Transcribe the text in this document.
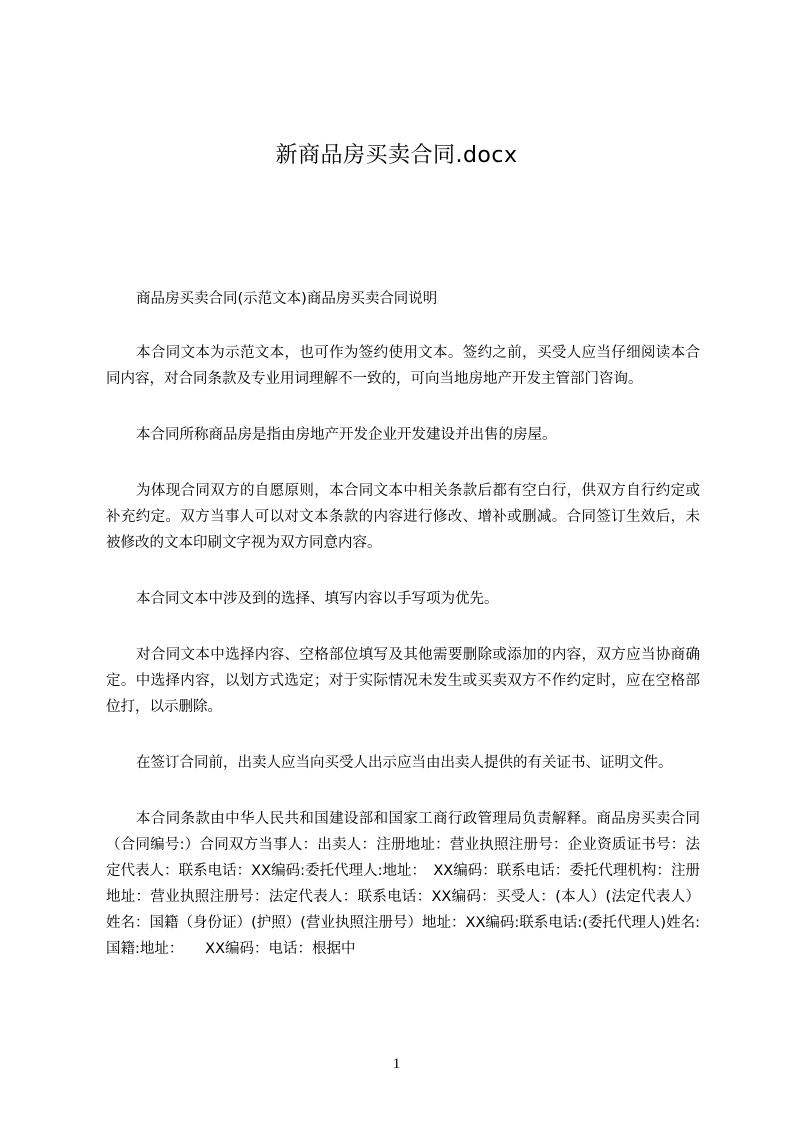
新商品房买卖合同.docx

商品房买卖合同(示范文本)商品房买卖合同说明

本合同文本为示范文本，也可作为签约使用文本。签约之前，买受人应当仔细阅读本合同内容，对合同条款及专业用词理解不一致的，可向当地房地产开发主管部门咨询。

本合同所称商品房是指由房地产开发企业开发建设并出售的房屋。

为体现合同双方的自愿原则，本合同文本中相关条款后都有空白行，供双方自行约定或补充约定。双方当事人可以对文本条款的内容进行修改、增补或删减。合同签订生效后，未被修改的文本印刷文字视为双方同意内容。

本合同文本中涉及到的选择、填写内容以手写项为优先。

对合同文本中选择内容、空格部位填写及其他需要删除或添加的内容，双方应当协商确定。中选择内容，以划方式选定；对于实际情况未发生或买卖双方不作约定时，应在空格部位打，以示删除。

在签订合同前，出卖人应当向买受人出示应当由出卖人提供的有关证书、证明文件。

本合同条款由中华人民共和国建设部和国家工商行政管理局负责解释。商品房买卖合同（合同编号:）合同双方当事人：出卖人：注册地址：营业执照注册号：企业资质证书号：法定代表人：联系电话：XX编码:委托代理人:地址：　XX编码：联系电话：委托代理机构：注册地址：营业执照注册号：法定代表人：联系电话：XX编码：买受人：(本人）(法定代表人）姓名：国籍（身份证）(护照）(营业执照注册号）地址：XX编码:联系电话:(委托代理人)姓名:国籍:地址：　　XX编码：电话：根据中

1
